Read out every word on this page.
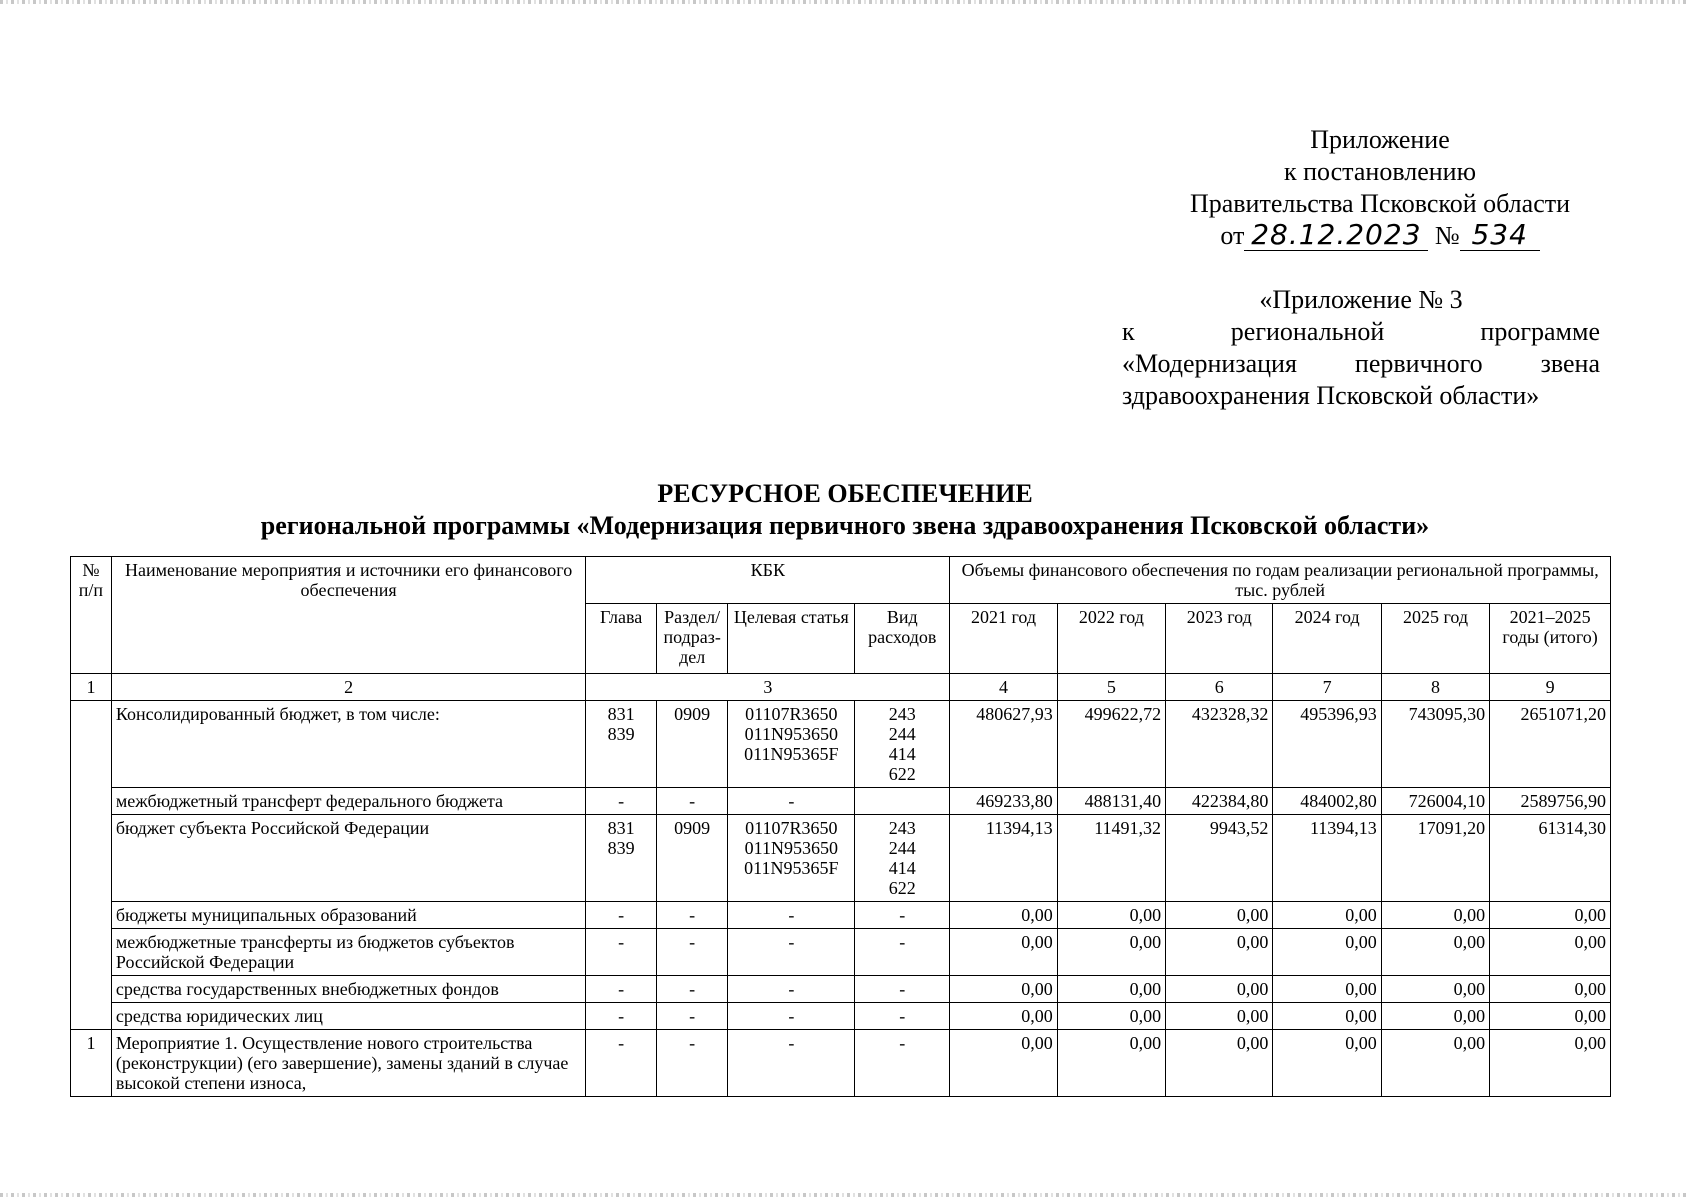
Приложение
к постановлению
Правительства Псковской области
от 28.12.2023 № 534
«Приложение № 3
к региональной программе
«Модернизация первичного звена
здравоохранения Псковской области»
РЕСУРСНОЕ ОБЕСПЕЧЕНИЕ
региональной программы «Модернизация первичного звена здравоохранения Псковской области»
№ п/п	Наименование мероприятия и источники его финансового обеспечения	КБК				Объемы финансового обеспечения по годам реализации региональной программы, тыс. рублей					
		Глава	Раздел/ подраз-дел	Целевая статья	Вид расходов	2021 год	2022 год	2023 год	2024 год	2025 год	2021–2025 годы (итого)
1	2	3				4	5	6	7	8	9
	Консолидированный бюджет, в том числе:	831
839	0909	01107R3650
011N953650
011N95365F	243
244
414
622	480627,93	499622,72	432328,32	495396,93	743095,30	2651071,20
	межбюджетный трансферт федерального бюджета	-	-	-		469233,80	488131,40	422384,80	484002,80	726004,10	2589756,90
	бюджет субъекта Российской Федерации	831
839	0909	01107R3650
011N953650
011N95365F	243
244
414
622	11394,13	11491,32	9943,52	11394,13	17091,20	61314,30
	бюджеты муниципальных образований	-	-	-	-	0,00	0,00	0,00	0,00	0,00	0,00
	межбюджетные трансферты из бюджетов субъектов Российской Федерации	-	-	-	-	0,00	0,00	0,00	0,00	0,00	0,00
	средства государственных внебюджетных фондов	-	-	-	-	0,00	0,00	0,00	0,00	0,00	0,00
	средства юридических лиц	-	-	-	-	0,00	0,00	0,00	0,00	0,00	0,00
1	Мероприятие 1. Осуществление нового строительства (реконструкции) (его завершение), замены зданий в случае высокой степени износа,	-	-	-	-	0,00	0,00	0,00	0,00	0,00	0,00
